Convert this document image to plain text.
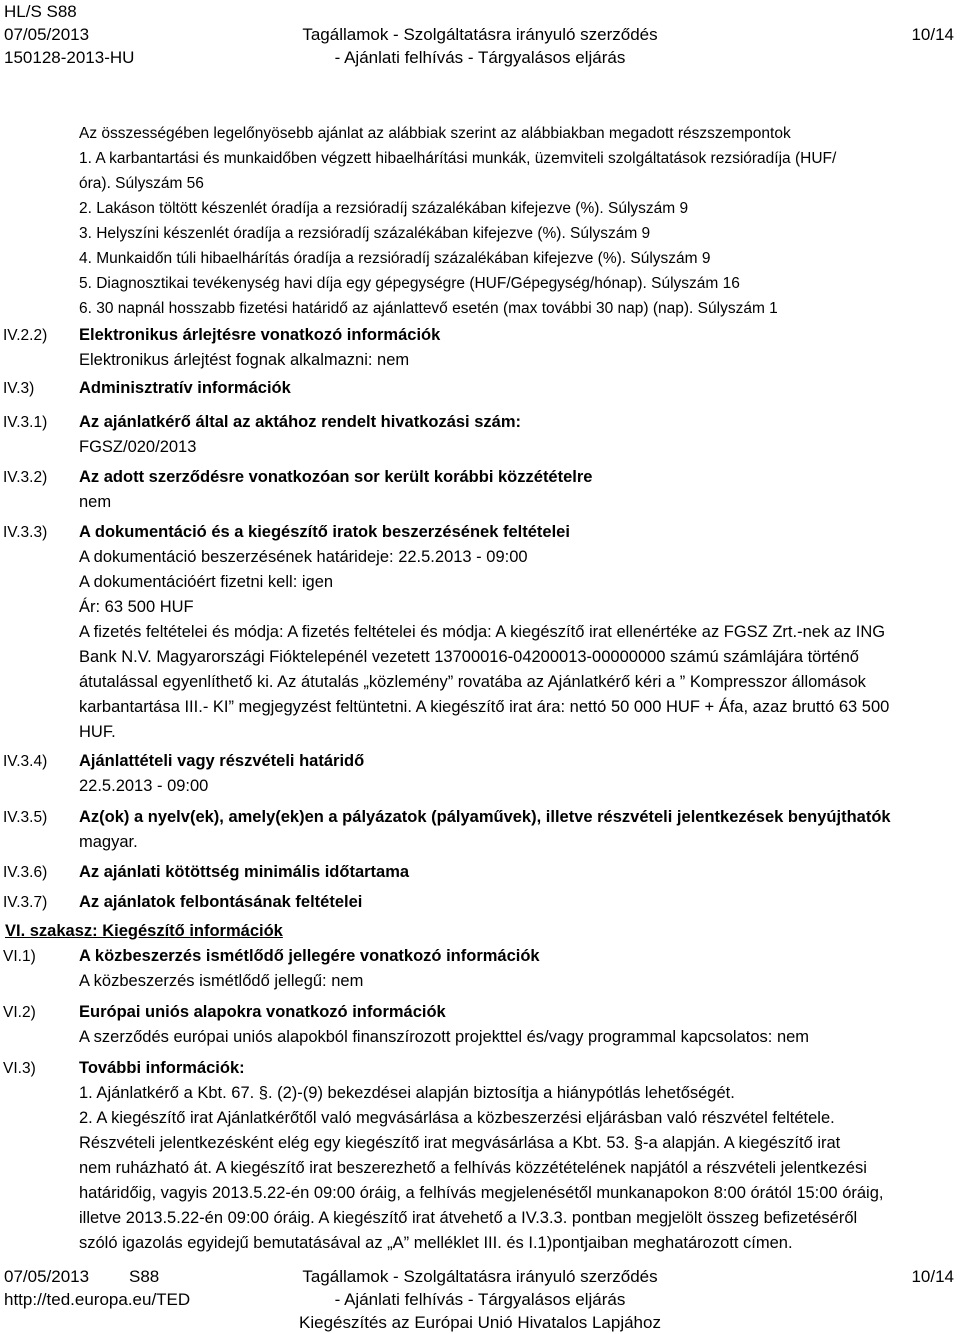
HL/S S88
07/05/2013
150128-2013-HU
Tagállamok - Szolgáltatásra irányuló szerződés
- Ajánlati felhívás - Tárgyalásos eljárás
10/14
Az összességében legelőnyösebb ajánlat az alábbiak szerint az alábbiakban megadott részszempontok
1. A karbantartási és munkaidőben végzett hibaelhárítási munkák, üzemviteli szolgáltatások rezsióradíja (HUF/
óra). Súlyszám 56
2. Lakáson töltött készenlét óradíja a rezsióradíj százalékában kifejezve (%). Súlyszám 9
3. Helyszíni készenlét óradíja a rezsióradíj százalékában kifejezve (%). Súlyszám 9
4. Munkaidőn túli hibaelhárítás óradíja a rezsióradíj százalékában kifejezve (%). Súlyszám 9
5. Diagnosztikai tevékenység havi díja egy gépegységre (HUF/Gépegység/hónap). Súlyszám 16
6. 30 napnál hosszabb fizetési határidő az ajánlattevő esetén (max további 30 nap) (nap). Súlyszám 1
IV.2.2) Elektronikus árlejtésre vonatkozó információk
Elektronikus árlejtést fognak alkalmazni: nem
IV.3)	Adminisztratív információk
IV.3.1) Az ajánlatkérő által az aktához rendelt hivatkozási szám:
FGSZ/020/2013
IV.3.2) Az adott szerződésre vonatkozóan sor került korábbi közzétételre
nem
IV.3.3) A dokumentáció és a kiegészítő iratok beszerzésének feltételei
A dokumentáció beszerzésének határideje: 22.5.2013 - 09:00
A dokumentációért fizetni kell: igen
Ár: 63 500 HUF
A fizetés feltételei és módja: A fizetés feltételei és módja: A kiegészítő irat ellenértéke az FGSZ Zrt.-nek az ING
Bank N.V. Magyarországi Fióktelepénél vezetett 13700016-04200013-00000000 számú számlájára történő
átutalással egyenlíthető ki. Az átutalás „közlemény” rovatába az Ajánlatkérő kéri a ” Kompresszor állomások
karbantartása III.- KI” megjegyzést feltüntetni. A kiegészítő irat ára: nettó 50 000 HUF + Áfa, azaz bruttó 63 500
HUF.
IV.3.4) Ajánlattételi vagy részvételi határidő
22.5.2013 - 09:00
IV.3.5) Az(ok) a nyelv(ek), amely(ek)en a pályázatok (pályaművek), illetve részvételi jelentkezések benyújthatók
magyar.
IV.3.6) Az ajánlati kötöttség minimális időtartama
IV.3.7) Az ajánlatok felbontásának feltételei
VI. szakasz: Kiegészítő információk
VI.1)	A közbeszerzés ismétlődő jellegére vonatkozó információk
A közbeszerzés ismétlődő jellegű: nem
VI.2)	Európai uniós alapokra vonatkozó információk
A szerződés európai uniós alapokból finanszírozott projekttel és/vagy programmal kapcsolatos: nem
VI.3)	További információk:
1. Ajánlatkérő a Kbt. 67. §. (2)-(9) bekezdései alapján biztosítja a hiánypótlás lehetőségét.
2. A kiegészítő irat Ajánlatkérőtől való megvásárlása a közbeszerzési eljárásban való részvétel feltétele.
Részvételi jelentkezésként elég egy kiegészítő irat megvásárlása a Kbt. 53. §-a alapján. A kiegészítő irat
nem ruházható át. A kiegészítő irat beszerezhető a felhívás közzétételének napjától a részvételi jelentkezési
határidőig, vagyis 2013.5.22-én 09:00 óráig, a felhívás megjelenésétől munkanapokon 8:00 órától 15:00 óráig,
illetve 2013.5.22-én 09:00 óráig. A kiegészítő irat átvehető a IV.3.3. pontban megjelölt összeg befizetéséről
szóló igazolás egyidejű bemutatásával az „A” melléklet III. és I.1)pontjaiban meghatározott címen.
07/05/2013 S88
http://ted.europa.eu/TED
Tagállamok - Szolgáltatásra irányuló szerződés
- Ajánlati felhívás - Tárgyalásos eljárás
Kiegészítés az Európai Unió Hivatalos Lapjához
10/14
